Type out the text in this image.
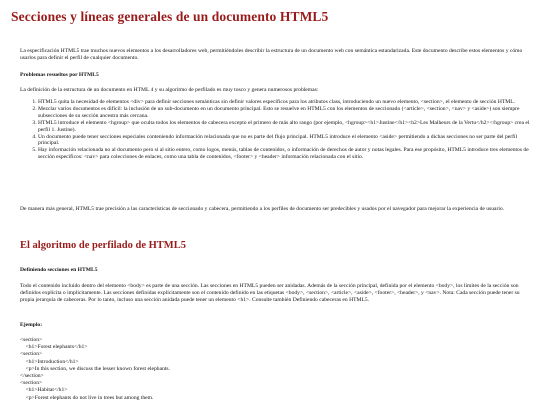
Secciones y líneas generales de un documento HTML5

La especificación HTML5 trae muchos nuevos elementos a los desarrolladores web, permitiéndoles describir la estructura de un documento web con semántica estandarizada. Este documento describe estos elementos y cómo usarlos para definir el perfil de cualquier documento.

Problemas resueltos por HTML5

La definición de la estructura de un documento en HTML 4 y su algoritmo de perfilado es muy tosco y genera numerosos problemas:

1. HTML5 quita la necesidad de elementos <div> para definir secciones semánticas sin definir valores específicos para los atributos class, introduciendo un nuevo elemento, <section>, el elemento de sección HTML.
2. Mezclar varios documentos es difícil: la inclusión de un sub-documento en un documento principal. Esto se resuelve en HTML5 con los elementos de seccionado (<article>, <section>, <nav> y <aside>) son siempre subsecciones de su sección ancestra más cercana.
3. HTML5 introduce el elemento <hgroup> que oculta todos los elementos de cabecera excepto el primero de más alto rango (por ejemplo, <hgroup><h1>Justine</h1><h2>Les Malheurs de la Vertu</h2></hgroup> crea el perfil 1. Justine).
4. Un documento puede tener secciones especiales conteniendo información relacionada que no es parte del flujo principal. HTML5 introduce el elemento <aside> permitiendo a dichas secciones no ser parte del perfil principal.
5. Hay información relacionada no al documento pero si al sitio entero, como logos, menús, tablas de contenidos, o información de derechos de autor y notas legales. Para ese propósito, HTML5 introduce tres elementos de sección específicos: <nav> para colecciones de enlaces, como una tabla de contenidos, <footer> y <header> información relacionada con el sitio.

De manera más general, HTML5 trae precisión a las características de seccionado y cabecera, permitiendo a los perfiles de documento ser predecibles y usados por el navegador para mejorar la experiencia de usuario.

El algoritmo de perfilado de HTML5

Definiendo secciones en HTML5

Todo el contenido incluido dentro del elemento <body> es parte de una sección. Las secciones en HTML5 pueden ser anidadas. Además de la sección principal, definida por el elemento <body>, los límites de la sección son definidos explícita o implícitamente. Las secciones definidas explícitamente son el contenido definido en las etiquetas <body>, <section>, <article>, <aside>, <footer>, <header>, y <nav>. Nota: Cada sección puede tener su propia jerarquía de cabeceras. Por lo tanto, incluso una sección anidada puede tener un elemento <h1>. Consulte también Definiendo cabeceras en HTML5.

Ejemplo:

<section>
<h1>Forest elephants</h1>
<section>
<h1>Introduction</h1>
<p>In this section, we discuss the lesser known forest elephants.
</section>
<section>
<h1>Habitat</h1>
<p>Forest elephants do not live in trees but among them.
